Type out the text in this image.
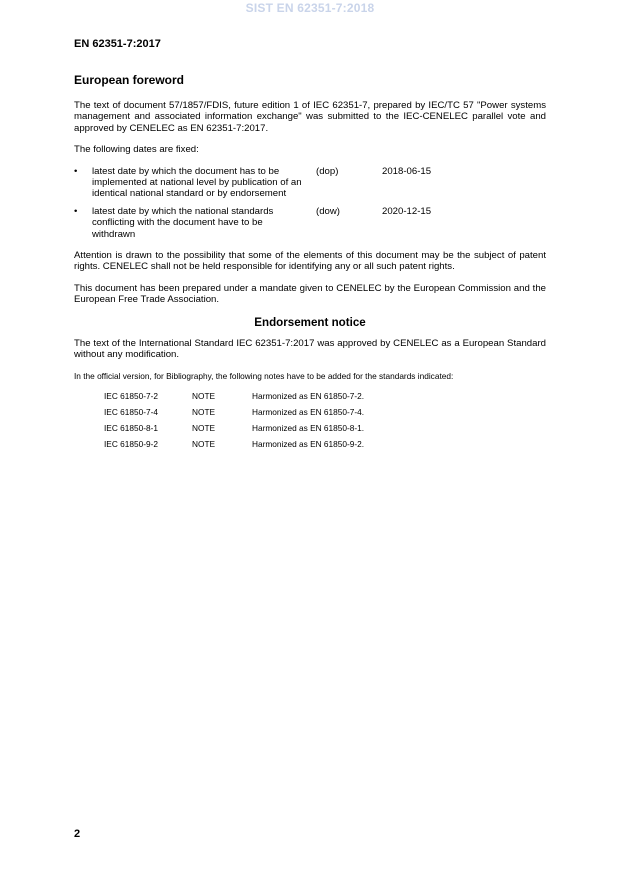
SIST EN 62351-7:2018
EN 62351-7:2017
European foreword

The text of document 57/1857/FDIS, future edition 1 of IEC 62351-7, prepared by IEC/TC 57 "Power systems management and associated information exchange" was submitted to the IEC-CENELEC parallel vote and approved by CENELEC as EN 62351-7:2017.

The following dates are fixed:

• latest date by which the document has to be implemented at national level by publication of an identical national standard or by endorsement
(dop)	2018-06-15
• latest date by which the national standards conflicting with the document have to be withdrawn
(dow)	2020-12-15

Attention is drawn to the possibility that some of the elements of this document may be the subject of patent rights. CENELEC shall not be held responsible for identifying any or all such patent rights.

This document has been prepared under a mandate given to CENELEC by the European Commission and the European Free Trade Association.

Endorsement notice

The text of the International Standard IEC 62351-7:2017 was approved by CENELEC as a European Standard without any modification.

In the official version, for Bibliography, the following notes have to be added for the standards indicated:

IEC 61850-7-2	NOTE	Harmonized as EN 61850-7-2.
IEC 61850-7-4	NOTE	Harmonized as EN 61850-7-4.
IEC 61850-8-1	NOTE	Harmonized as EN 61850-8-1.
IEC 61850-9-2	NOTE	Harmonized as EN 61850-9-2.
2
